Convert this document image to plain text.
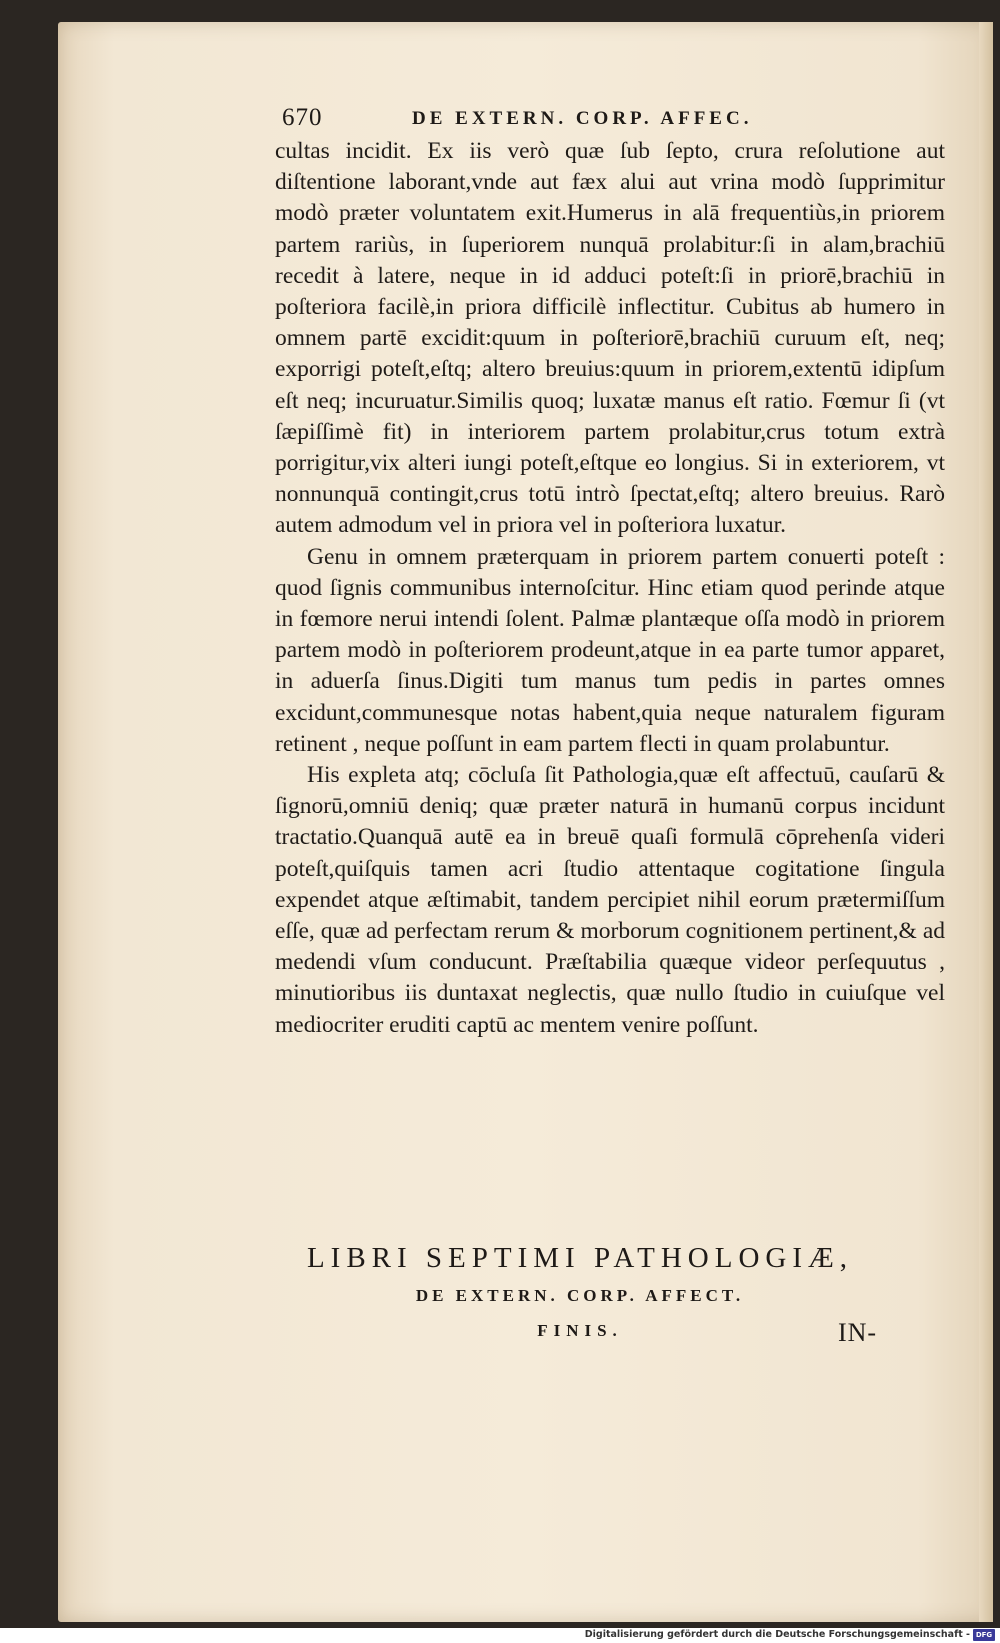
670	DE EXTERN. CORP. AFFEC.

cultas incidit. Ex iis verò quæ ſub ſepto, crura reſolutione aut diſtentione laborant,vnde aut fæx alui aut vrina modò ſupprimitur modò præter voluntatem exit.Humerus in alā frequentiùs,in priorem partem rariùs, in ſuperiorem nunquā prolabitur:ſi in alam,brachiū recedit à latere, neque in id adduci poteſt:ſi in priorē,brachiū in poſteriora facilè,in priora difficilè inflectitur. Cubitus ab humero in omnem partē excidit:quum in poſteriorē,brachiū curuum eſt, neq; exporrigi poteſt,eſtq; altero breuius:quum in priorem,extentū idipſum eſt neq; incuruatur.Similis quoq; luxatæ manus eſt ratio. Fœmur ſi (vt ſæpiſſimè fit) in interiorem partem prolabitur,crus totum extrà porrigitur,vix alteri iungi poteſt,eſtque eo longius. Si in exteriorem, vt nonnunquā contingit,crus totū intrò ſpectat,eſtq; altero breuius. Rarò autem admodum vel in priora vel in poſteriora luxatur.

Genu in omnem præterquam in priorem partem conuerti poteſt : quod ſignis communibus internoſcitur. Hinc etiam quod perinde atque in fœmore nerui intendi ſolent. Palmæ plantæque oſſa modò in priorem partem modò in poſteriorem prodeunt,atque in ea parte tumor apparet, in aduerſa ſinus.Digiti tum manus tum pedis in partes omnes excidunt,communesque notas habent,quia neque naturalem figuram retinent , neque poſſunt in eam partem flecti in quam prolabuntur.

His expleta atq; cōcluſa ſit Pathologia,quæ eſt affectuū, cauſarū & ſignorū,omniū deniq; quæ præter naturā in humanū corpus incidunt tractatio.Quanquā autē ea in breuē quaſi formulā cōprehenſa videri poteſt,quiſquis tamen acri ſtudio attentaque cogitatione ſingula expendet atque æſtimabit, tandem percipiet nihil eorum prætermiſſum eſſe, quæ ad perfectam rerum & morborum cognitionem pertinent,& ad medendi vſum conducunt. Præſtabilia quæque videor perſequutus , minutioribus iis duntaxat neglectis, quæ nullo ſtudio in cuiuſque vel mediocriter eruditi captū ac mentem venire poſſunt.

LIBRI SEPTIMI PATHOLOGIÆ,
DE EXTERN. CORP. AFFECT.
FINIS.	IN-
Digitalisierung gefördert durch die Deutsche Forschungsgemeinschaft - DFG
